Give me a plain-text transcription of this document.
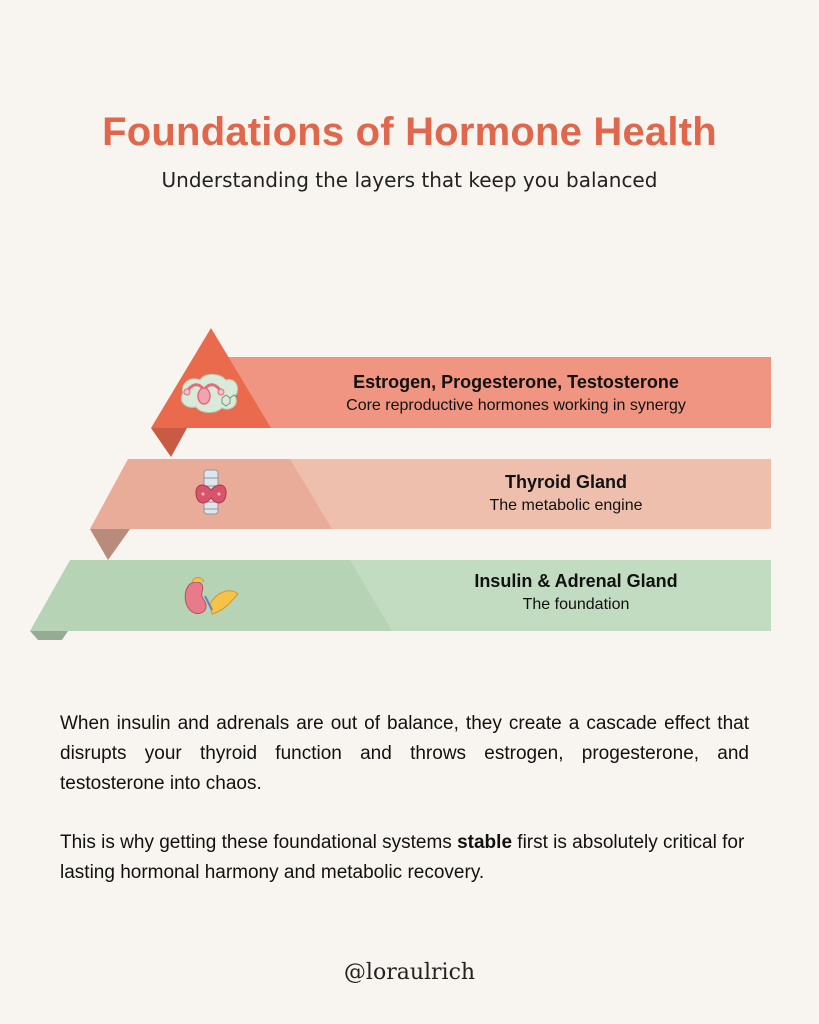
Foundations of Hormone Health

Understanding the layers that keep you balanced

Estrogen, Progesterone, Testosterone
Core reproductive hormones working in synergy
Thyroid Gland
The metabolic engine
Insulin & Adrenal Gland
The foundation

When insulin and adrenals are out of balance, they create a cascade effect that disrupts your thyroid function and throws estrogen, progesterone, and testosterone into chaos.

This is why getting these foundational systems stable first is absolutely critical for lasting hormonal harmony and metabolic recovery.

@loraulrich
